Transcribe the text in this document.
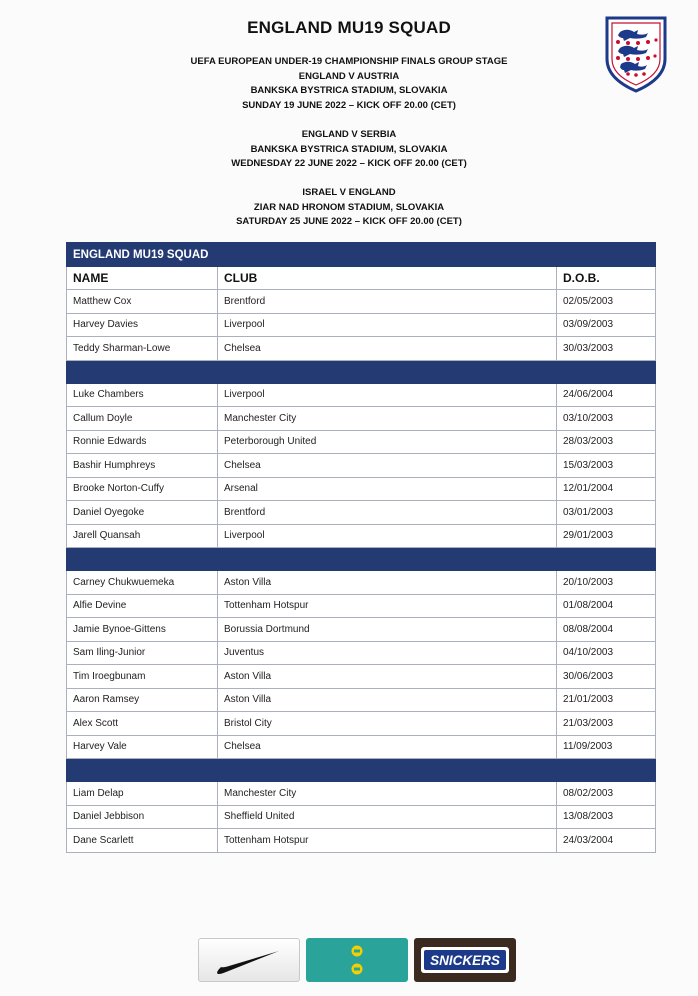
ENGLAND MU19 SQUAD
UEFA EUROPEAN UNDER-19 CHAMPIONSHIP FINALS GROUP STAGE
ENGLAND V AUSTRIA
BANKSKA BYSTRICA STADIUM, SLOVAKIA
SUNDAY 19 JUNE 2022 – KICK OFF 20.00 (CET)
ENGLAND V SERBIA
BANKSKA BYSTRICA STADIUM, SLOVAKIA
WEDNESDAY 22 JUNE 2022 – KICK OFF 20.00 (CET)
ISRAEL V ENGLAND
ZIAR NAD HRONOM STADIUM, SLOVAKIA
SATURDAY 25 JUNE 2022 – KICK OFF 20.00 (CET)
ENGLAND MU19 SQUAD		
NAME	CLUB	D.O.B.
Matthew Cox	Brentford	02/05/2003
Harvey Davies	Liverpool	03/09/2003
Teddy Sharman-Lowe	Chelsea	30/03/2003

Luke Chambers	Liverpool	24/06/2004
Callum Doyle	Manchester City	03/10/2003
Ronnie Edwards	Peterborough United	28/03/2003
Bashir Humphreys	Chelsea	15/03/2003
Brooke Norton-Cuffy	Arsenal	12/01/2004
Daniel Oyegoke	Brentford	03/01/2003
Jarell Quansah	Liverpool	29/01/2003

Carney Chukwuemeka	Aston Villa	20/10/2003
Alfie Devine	Tottenham Hotspur	01/08/2004
Jamie Bynoe-Gittens	Borussia Dortmund	08/08/2004
Sam Iling-Junior	Juventus	04/10/2003
Tim Iroegbunam	Aston Villa	30/06/2003
Aaron Ramsey	Aston Villa	21/01/2003
Alex Scott	Bristol City	21/03/2003
Harvey Vale	Chelsea	11/09/2003

Liam Delap	Manchester City	08/02/2003
Daniel Jebbison	Sheffield United	13/08/2003
Dane Scarlett	Tottenham Hotspur	24/03/2004
SNICKERS
